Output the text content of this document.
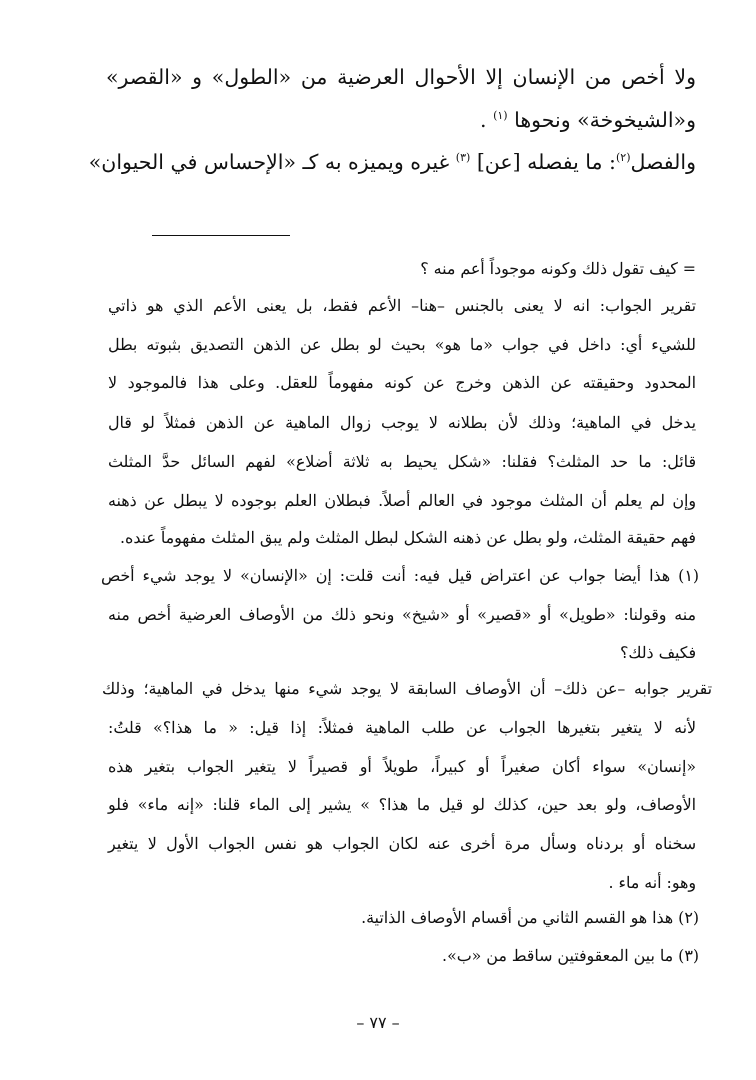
ولا أخص من الإنسان إلا الأحوال العرضية من «الطول» و «القصر»
و«الشيخوخة» ونحوها $^{(١)}$ .
والفصل$^{(٢)}$: ما يفصله [عن] $^{(٣)}$ غيره ويميزه به كـ «الإحساس في الحيوان»
= كيف تقول ذلك وكونه موجوداً أعم منه ؟
تقرير الجواب: انه لا يعنى بالجنس –هنا– الأعم فقط، بل يعنى الأعم الذي هو ذاتي
للشيء أي: داخل في جواب «ما هو» بحيث لو بطل عن الذهن التصديق بثبوته بطل
المحدود وحقيقته عن الذهن وخرج عن كونه مفهوماً للعقل. وعلى هذا فالموجود لا
يدخل في الماهية؛ وذلك لأن بطلانه لا يوجب زوال الماهية عن الذهن فمثلاً لو قال
قائل: ما حد المثلث؟ فقلنا: «شكل يحيط به ثلاثة أضلاع» لفهم السائل حدَّ المثلث
وإن لم يعلم أن المثلث موجود في العالم أصلاً. فبطلان العلم بوجوده لا يبطل عن ذهنه
فهم حقيقة المثلث، ولو بطل عن ذهنه الشكل لبطل المثلث ولم يبق المثلث مفهوماً عنده.
(١) هذا أيضا جواب عن اعتراض قيل فيه: أنت قلت: إن «الإنسان» لا يوجد شيء أخص
منه وقولنا: «طويل» أو «قصير» أو «شيخ» ونحو ذلك من الأوصاف العرضية أخص منه
فكيف ذلك؟
تقرير جوابه –عن ذلك– أن الأوصاف السابقة لا يوجد شيء منها يدخل في الماهية؛ وذلك
لأنه لا يتغير بتغيرها الجواب عن طلب الماهية فمثلاً: إذا قيل: « ما هذا؟» قلتُ:
«إنسان» سواء أكان صغيراً أو كبيراً، طويلاً أو قصيراً لا يتغير الجواب بتغير هذه
الأوصاف، ولو بعد حين، كذلك لو قيل ما هذا؟ » يشير إلى الماء قلنا: «إنه ماء» فلو
سخناه أو بردناه وسأل مرة أخرى عنه لكان الجواب هو نفس الجواب الأول لا يتغير
وهو: أنه ماء .
(٢) هذا هو القسم الثاني من أقسام الأوصاف الذاتية.
(٣) ما بين المعقوفتين ساقط من «ب».
– ٧٧ –
